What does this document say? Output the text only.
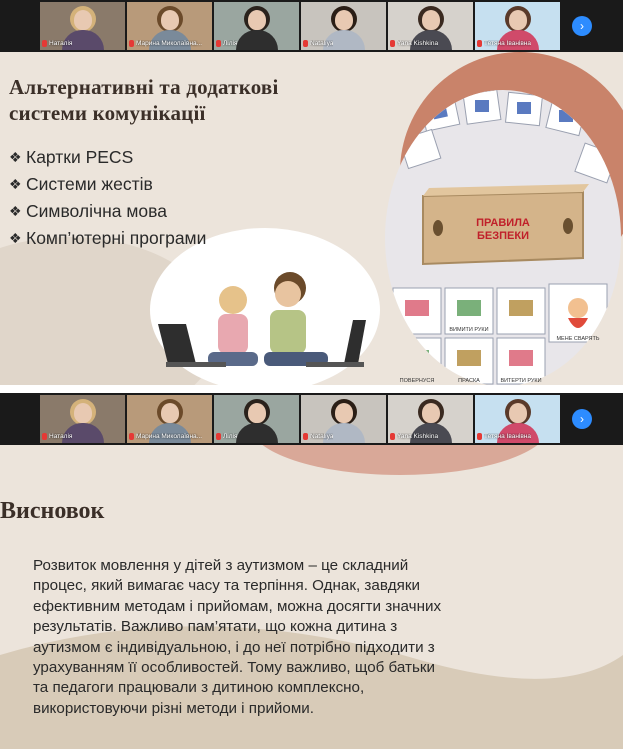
Наталія	Марина Миколаївна...	Лілія	Nataliya	Yana Kishkina	Тетяна Іванівна
›
Альтернативні та додаткові системи комунікації
❖ Картки PECS
❖ Системи жестів
❖ Символічна мова
❖ Комп’ютерні програми
ПРАВИЛА БЕЗПЕКИ
МЕНЕ СВАРЯТЬ
ПРАСКА	ВИТЕРТИ РУКИ
ПОВЕРНУСЯ
ВИМИТИ РУКИ
Наталія	Марина Миколаївна...	Лілія	Nataliya	Yana Kishkina	Тетяна Іванівна
›
Висновок
Розвиток мовлення у дітей з аутизмом – це складний процес, який вимагає часу та терпіння. Однак, завдяки ефективним методам і прийомам, можна досягти значних результатів. Важливо пам’ятати, що кожна дитина з аутизмом є індивідуальною, і до неї потрібно підходити з урахуванням її особливостей. Тому важливо, щоб батьки та педагоги працювали з дитиною комплексно, використовуючи різні методи і прийоми.
